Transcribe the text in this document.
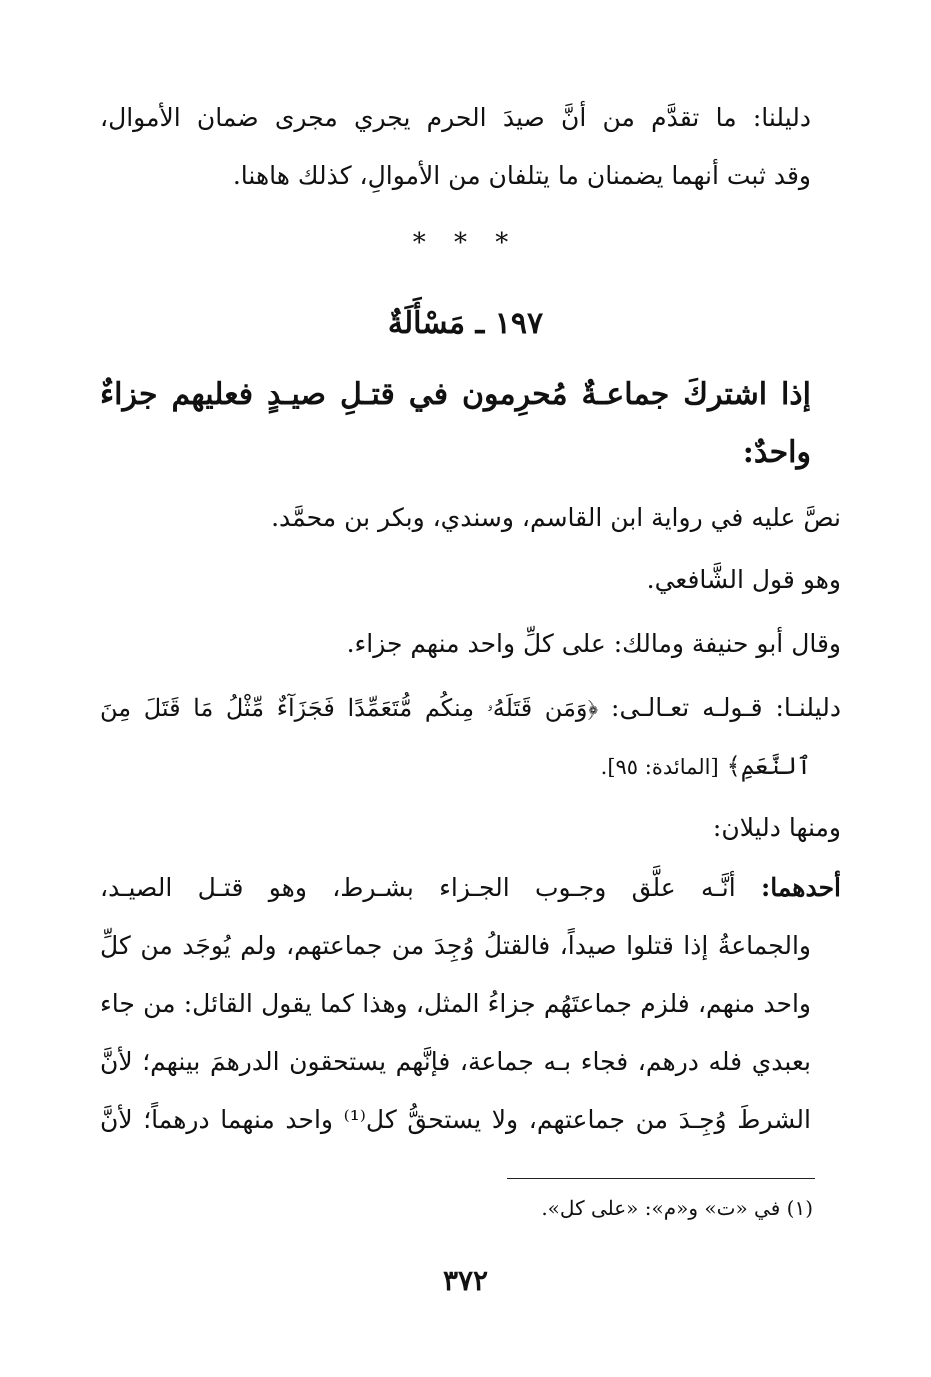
دليلنا: ما تقدَّم من أنَّ صيدَ الحرم يجري مجرى ضمان الأموال،
وقد ثبت أنهما يضمنان ما يتلفان من الأموالِ، كذلك هاهنا.
* * *
١٩٧ ـ مَسْأَلَةٌ
إذا اشتركَ جماعـةٌ مُحرِمون في قتـلِ صيـدٍ فعليهم جزاءٌ
واحدٌ:
نصَّ عليه في رواية ابن القاسم، وسندي، وبكر بن محمَّد.
وهو قول الشَّافعي.
وقال أبو حنيفة ومالك: على كلِّ واحد منهم جزاء.
دليلنـا: قـولـه تعـالـى: ﴿وَمَن قَتَلَهُۥ مِنكُم مُّتَعَمِّدًا فَجَزَآءٌ مِّثْلُ مَا قَتَلَ مِنَ
ٱلنَّعَمِ﴾ [المائدة: ٩٥].
ومنها دليلان:
أحدهما: أنَّـه علَّق وجـوب الجـزاء بشـرط، وهو قتـل الصيـد،
والجماعةُ إذا قتلوا صيداً، فالقتلُ وُجِدَ من جماعتهم، ولم يُوجَد من كلِّ
واحد منهم، فلزم جماعتَهُم جزاءُ المثل، وهذا كما يقول القائل: من جاء
بعبدي فله درهم، فجاء بـه جماعة، فإنَّهم يستحقون الدرهمَ بينهم؛ لأنَّ
الشرطَ وُجِـدَ من جماعتهم، ولا يستحقُّ كل⁽¹⁾ واحد منهما درهماً؛ لأنَّ
(١) في «ت» و«م»: «على كل».
٣٧٢
